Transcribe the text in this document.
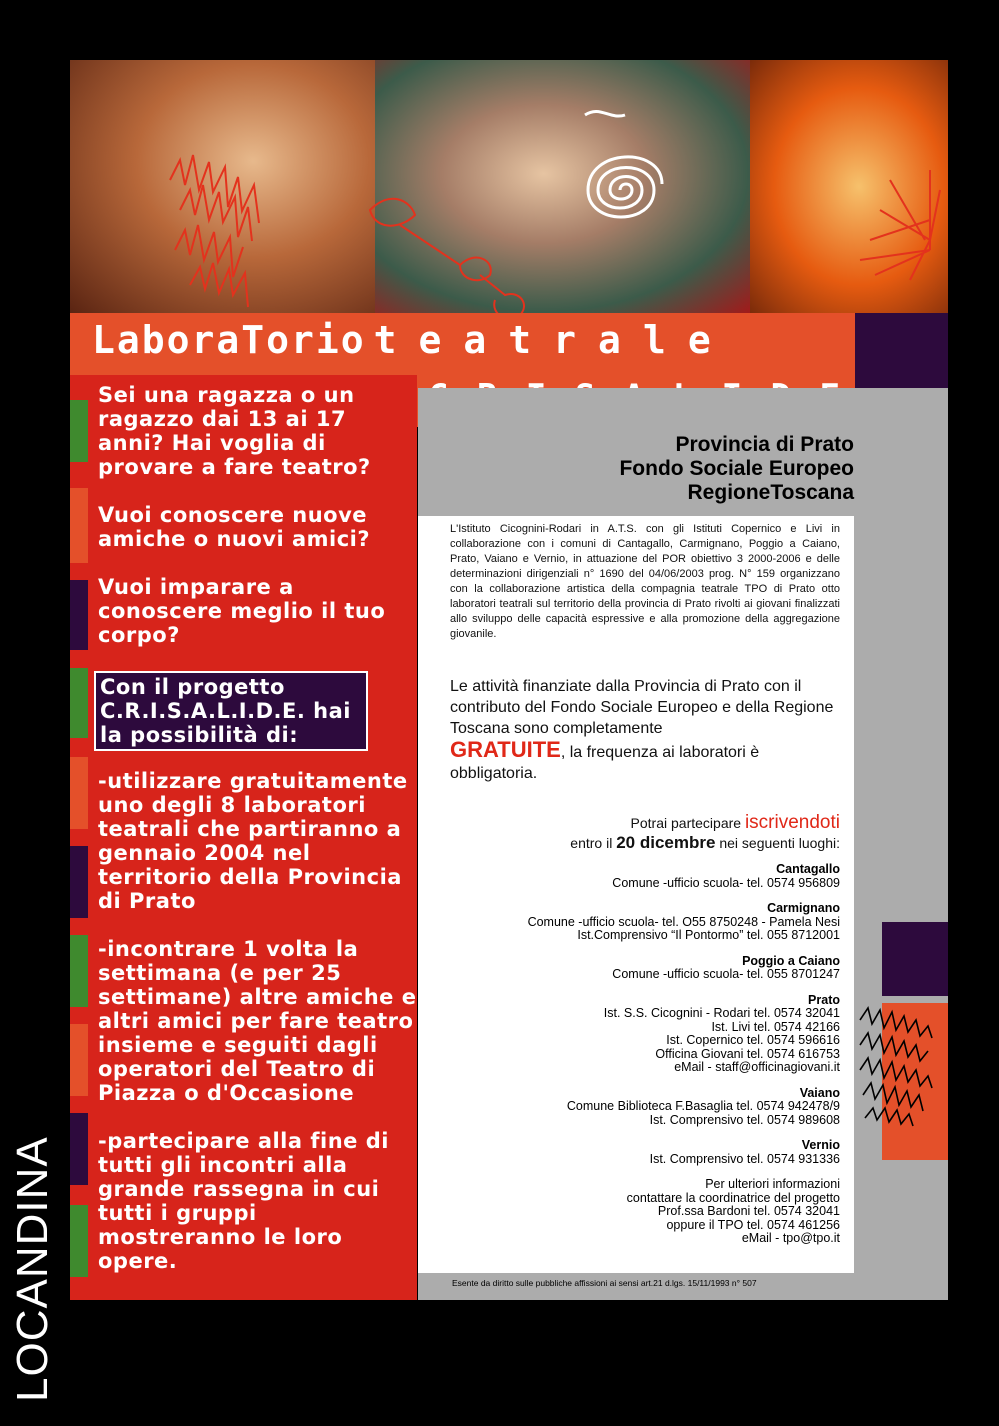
LaboraTorio teatrale

Sei una ragazza o un ragazzo dai 13 ai 17 anni? Hai voglia di provare a fare teatro?

Vuoi conoscere nuove amiche o nuovi amici?

Vuoi imparare a conoscere meglio il tuo corpo?

Con il progetto C.R.I.S.A.L.I.D.E. hai la possibilità di:

-utilizzare gratuitamente uno degli 8 laboratori teatrali che partiranno a gennaio 2004 nel territorio della Provincia di Prato

-incontrare 1 volta la settimana (e per 25 settimane) altre amiche e altri amici per fare teatro insieme e seguiti dagli operatori del Teatro di Piazza o d'Occasione

-partecipare alla fine di tutti gli incontri alla grande rassegna in cui tutti i gruppi mostreranno le loro opere.

Provincia di Prato
Fondo Sociale Europeo
RegioneToscana
L'Istituto Cicognini-Rodari in A.T.S. con gli Istituti Copernico e Livi in collaborazione con i comuni di Cantagallo, Carmignano, Poggio a Caiano, Prato, Vaiano e Vernio, in attuazione del POR obiettivo 3 2000-2006 e delle determinazioni dirigenziali n° 1690 del 04/06/2003 prog. N° 159 organizzano con la collaborazione artistica della compagnia teatrale TPO di Prato otto laboratori teatrali sul territorio della provincia di Prato rivolti ai giovani finalizzati allo sviluppo delle capacità espressive e alla promozione della aggregazione giovanile.
Le attività finanziate dalla Provincia di Prato con il contributo del Fondo Sociale Europeo e della Regione Toscana sono completamente
GRATUITE, la frequenza ai laboratori è obbligatoria.
Potrai partecipare iscrivendoti
entro il 20 dicembre nei seguenti luoghi:
Cantagallo
Comune -ufficio scuola- tel. 0574 956809
Carmignano
Comune -ufficio scuola- tel. O55 8750248 - Pamela Nesi
Ist.Comprensivo “Il Pontormo” tel. 055 8712001
Poggio a Caiano
Comune -ufficio scuola- tel. 055 8701247
Prato
Ist. S.S. Cicognini - Rodari tel. 0574 32041
Ist. Livi tel. 0574 42166
Ist. Copernico tel. 0574 596616
Officina Giovani tel. 0574 616753
eMail - staff@officinagiovani.it
Vaiano
Comune Biblioteca F.Basaglia tel. 0574 942478/9
Ist. Comprensivo tel. 0574 989608
Vernio
Ist. Comprensivo tel. 0574 931336
Per ulteriori informazioni
contattare la coordinatrice del progetto
Prof.ssa Bardoni tel. 0574 32041
oppure il TPO tel. 0574 461256
eMail - tpo@tpo.it
Esente da diritto sulle pubbliche affissioni ai sensi art.21 d.lgs. 15/11/1993 n° 507
LOCANDINA
